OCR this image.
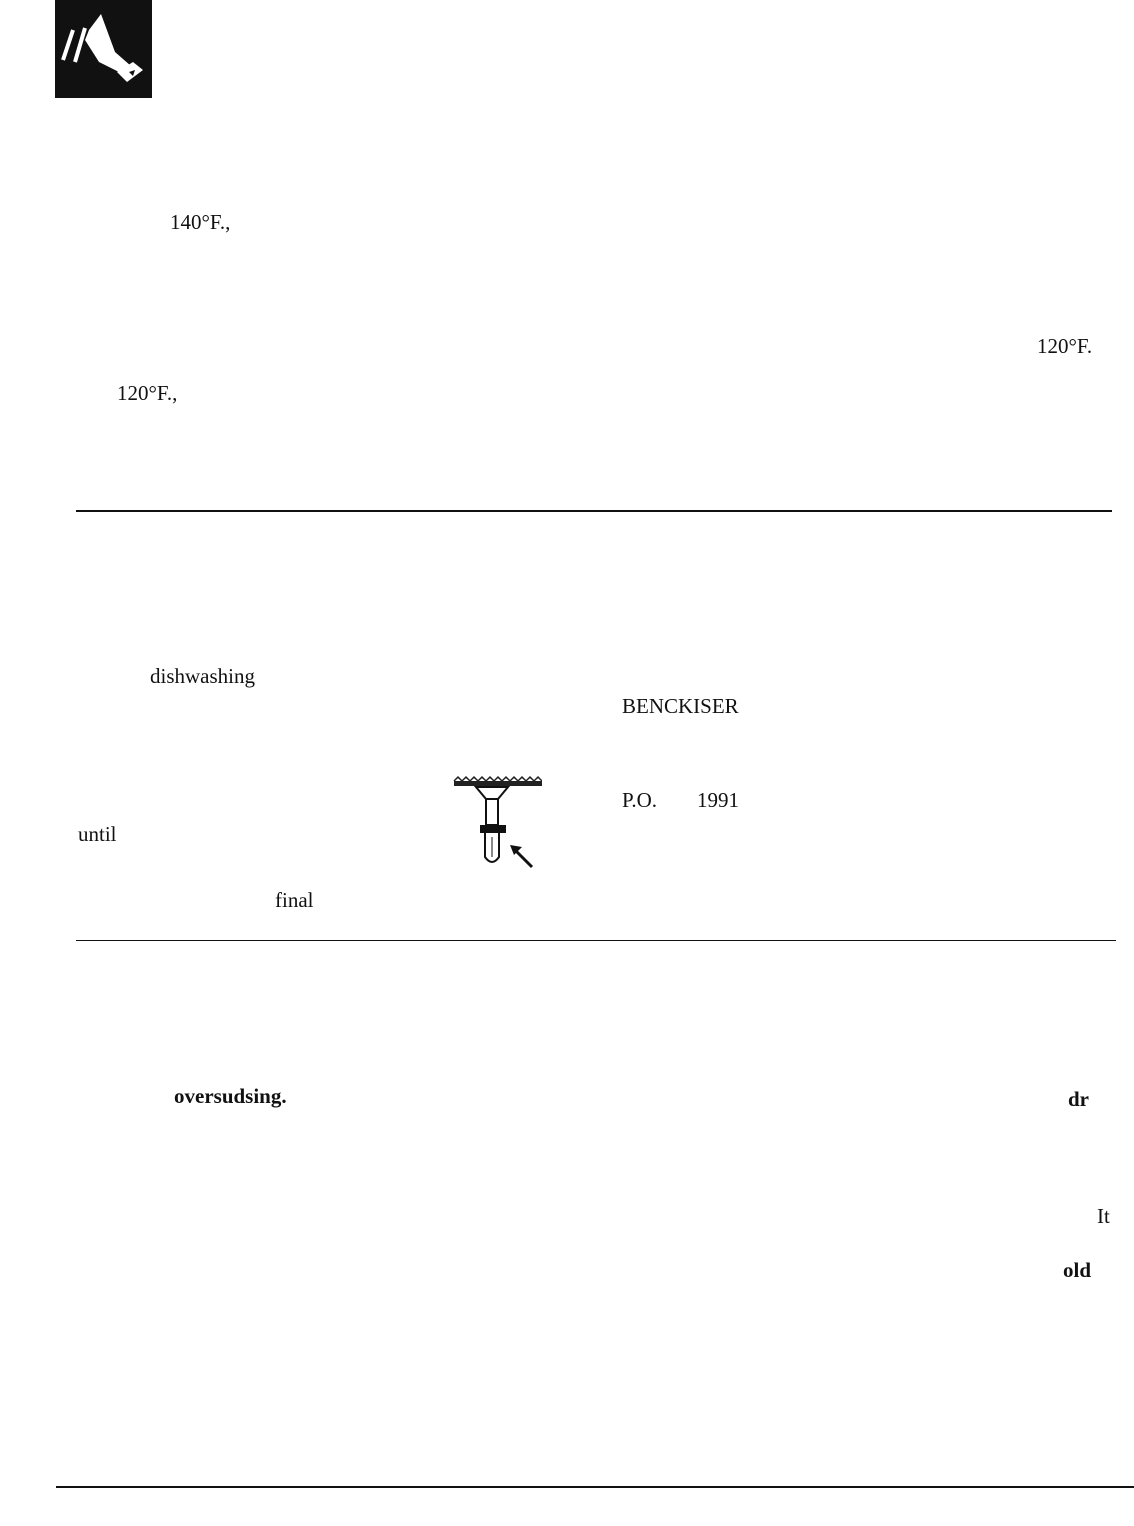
140°F.,
120°F.
120°F.,
dishwashing
BENCKISER
P.O. 1991
until
final
oversudsing.	dr
It
old
